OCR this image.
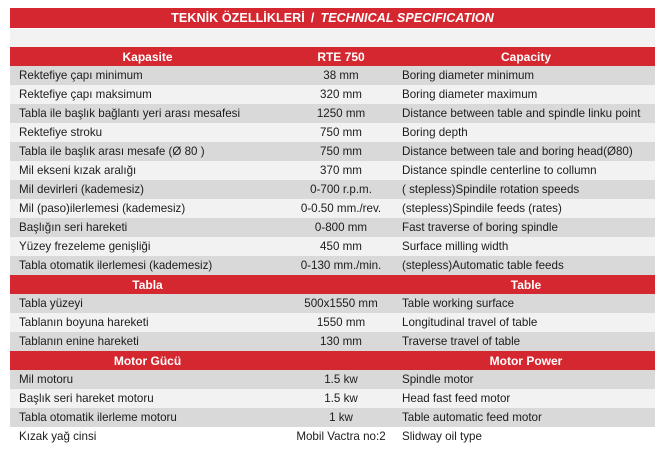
TEKNİK ÖZELLİKLERİ / TECHNICAL SPECIFICATION
Kapasite	RTE 750	Capacity
Rektefiye çapı minimum	38 mm	Boring diameter minimum
Rektefiye çapı maksimum	320 mm	Boring diameter maximum
Tabla ile başlık bağlantı yeri arası mesafesi	1250 mm	Distance between table and spindle linku point
Rektefiye stroku	750 mm	Boring depth
Tabla ile başlık arası mesafe (Ø 80 )	750 mm	Distance between tale and boring head(Ø80)
Mil ekseni kızak aralığı	370 mm	Distance spindle centerline to collumn
Mil devirleri (kademesiz)	0-700 r.p.m.	( stepless)Spindile rotation speeds
Mil (paso)ilerlemesi (kademesiz)	0-0.50 mm./rev.	(stepless)Spindile feeds (rates)
Başlığın seri hareketi	0-800 mm	Fast traverse of boring spindle
Yüzey frezeleme genişliği	450 mm	Surface milling width
Tabla otomatik ilerlemesi (kademesiz)	0-130 mm./min.	(stepless)Automatic table feeds
Tabla	Table
Tabla yüzeyi	500x1550 mm	Table working surface
Tablanın boyuna hareketi	1550 mm	Longitudinal travel of table
Tablanın enine hareketi	130 mm	Traverse travel of table
Motor Gücü	Motor Power
Mil motoru	1.5 kw	Spindle motor
Başlık seri hareket motoru	1.5 kw	Head fast feed motor
Tabla otomatik ilerleme motoru	1 kw	Table automatic feed motor
Kızak yağ cinsi	Mobil Vactra no:2	Slidway oil type
